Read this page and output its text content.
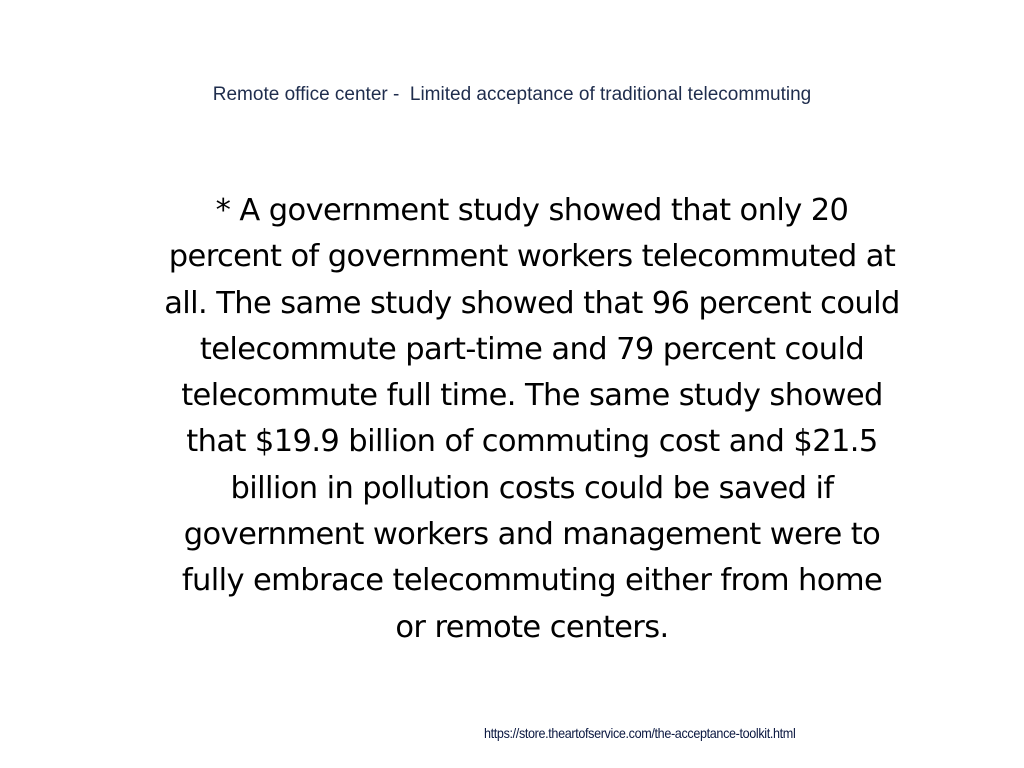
Remote office center -  Limited acceptance of traditional telecommuting
* A government study showed that only 20
percent of government workers telecommuted at
all. The same study showed that 96 percent could
telecommute part-time and 79 percent could
telecommute full time. The same study showed
that $19.9 billion of commuting cost and $21.5
billion in pollution costs could be saved if
government workers and management were to
fully embrace telecommuting either from home
or remote centers.
https://store.theartofservice.com/the-acceptance-toolkit.html
